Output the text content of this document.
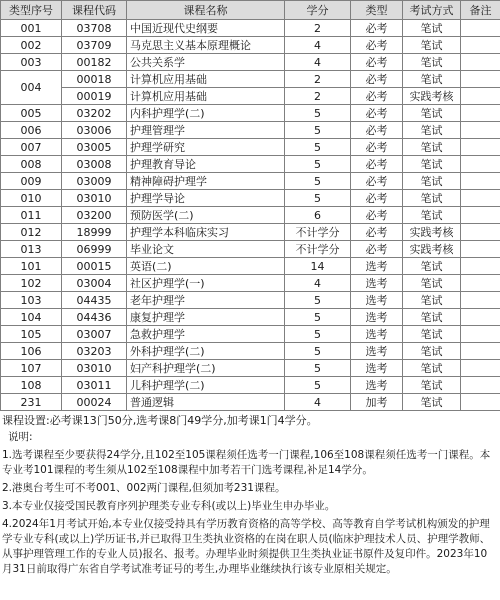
类型序号	课程代码	课程名称	学分	类型	考试方式	备注
001	03708	中国近现代史纲要	2	必考	笔试	
002	03709	马克思主义基本原理概论	4	必考	笔试	
003	00182	公共关系学	4	必考	笔试	
004	00018	计算机应用基础	2	必考	笔试	
	00019	计算机应用基础	2	必考	实践考核	
005	03202	内科护理学(二)	5	必考	笔试	
006	03006	护理管理学	5	必考	笔试	
007	03005	护理学研究	5	必考	笔试	
008	03008	护理教育导论	5	必考	笔试	
009	03009	精神障碍护理学	5	必考	笔试	
010	03010	护理学导论	5	必考	笔试	
011	03200	预防医学(二)	6	必考	笔试	
012	18999	护理学本科临床实习	不计学分	必考	实践考核	
013	06999	毕业论文	不计学分	必考	实践考核	
101	00015	英语(二)	14	选考	笔试	
102	03004	社区护理学(一)	4	选考	笔试	
103	04435	老年护理学	5	选考	笔试	
104	04436	康复护理学	5	选考	笔试	
105	03007	急救护理学	5	选考	笔试	
106	03203	外科护理学(二)	5	选考	笔试	
107	03010	妇产科护理学(二)	5	选考	笔试	
108	03011	儿科护理学(二)	5	选考	笔试	
231	00024	普通逻辑	4	加考	笔试	
课程设置:必考课13门50分,选考课8门49学分,加考课1门4学分。

说明:

1.选考课程至少要获得24学分,且102至105课程须任选考一门课程,106至108课程须任选考一门课程。本专业考101课程的考生须从102至108课程中加考若干门选考课程,补足14学分。

2.港奥台考生可不考001、002两门课程,但须加考231课程。

3.本专业仅接受国民教育序列护理类专业专科(或以上)毕业生申办毕业。

4.2024年1月考试开始,本专业仅接受持具有学历教育资格的高等学校、高等教育自学考试机构颁发的护理学专业专科(或以上)学历证书,并已取得卫生类执业资格的在岗在职人员(临床护理技术人员、护理学教师、从事护理管理工作的专业人员)报名、报考。办理毕业时须提供卫生类执业证书原件及复印件。2023年10月31日前取得广东省自学考试准考证号的考生,办理毕业继续执行该专业原相关规定。
